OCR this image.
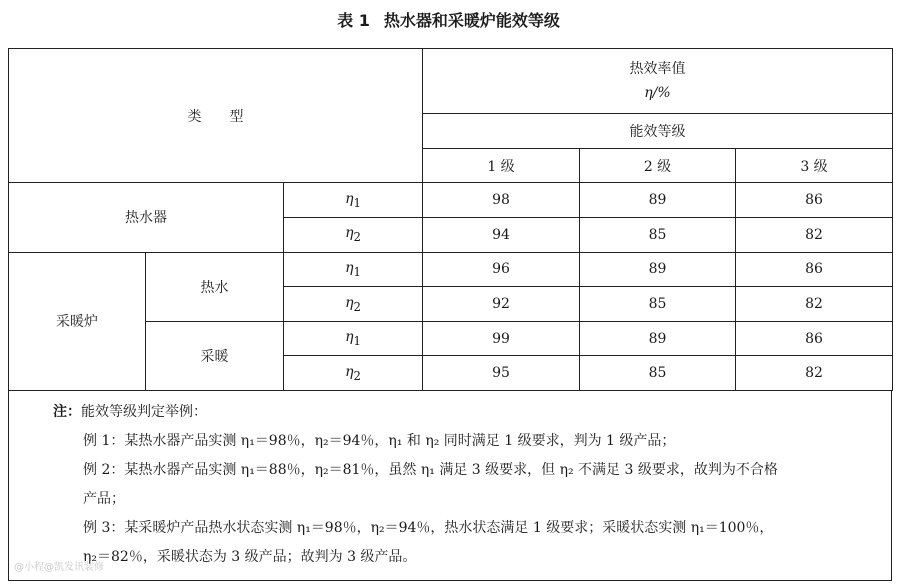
表 1 热水器和采暖炉能效等级
类　　型			热效率值
η/%		

			能效等级		
			1 级	2 级	3 级
热水器		$\eta_1$	98	89	86
		$\eta_2$	94	85	82
采暖炉	热水	$\eta_1$	96	89	86
		$\eta_2$	92	85	82
	采暖	$\eta_1$	99	89	86
		$\eta_2$	95	85	82
注：能效等级判定举例：
例 1：某热水器产品实测 η₁＝98％，η₂＝94％，η₁ 和 η₂ 同时满足 1 级要求，判为 1 级产品；
例 2：某热水器产品实测 η₁＝88％，η₂＝81％，虽然 η₁ 满足 3 级要求，但 η₂ 不满足 3 级要求，故判为不合格
产品；
例 3：某采暖炉产品热水状态实测 η₁＝98％，η₂＝94％，热水状态满足 1 级要求；采暖状态实测 η₁＝100％，
η₂＝82％，采暖状态为 3 级产品；故判为 3 级产品。
@小程@凯发讯装修
